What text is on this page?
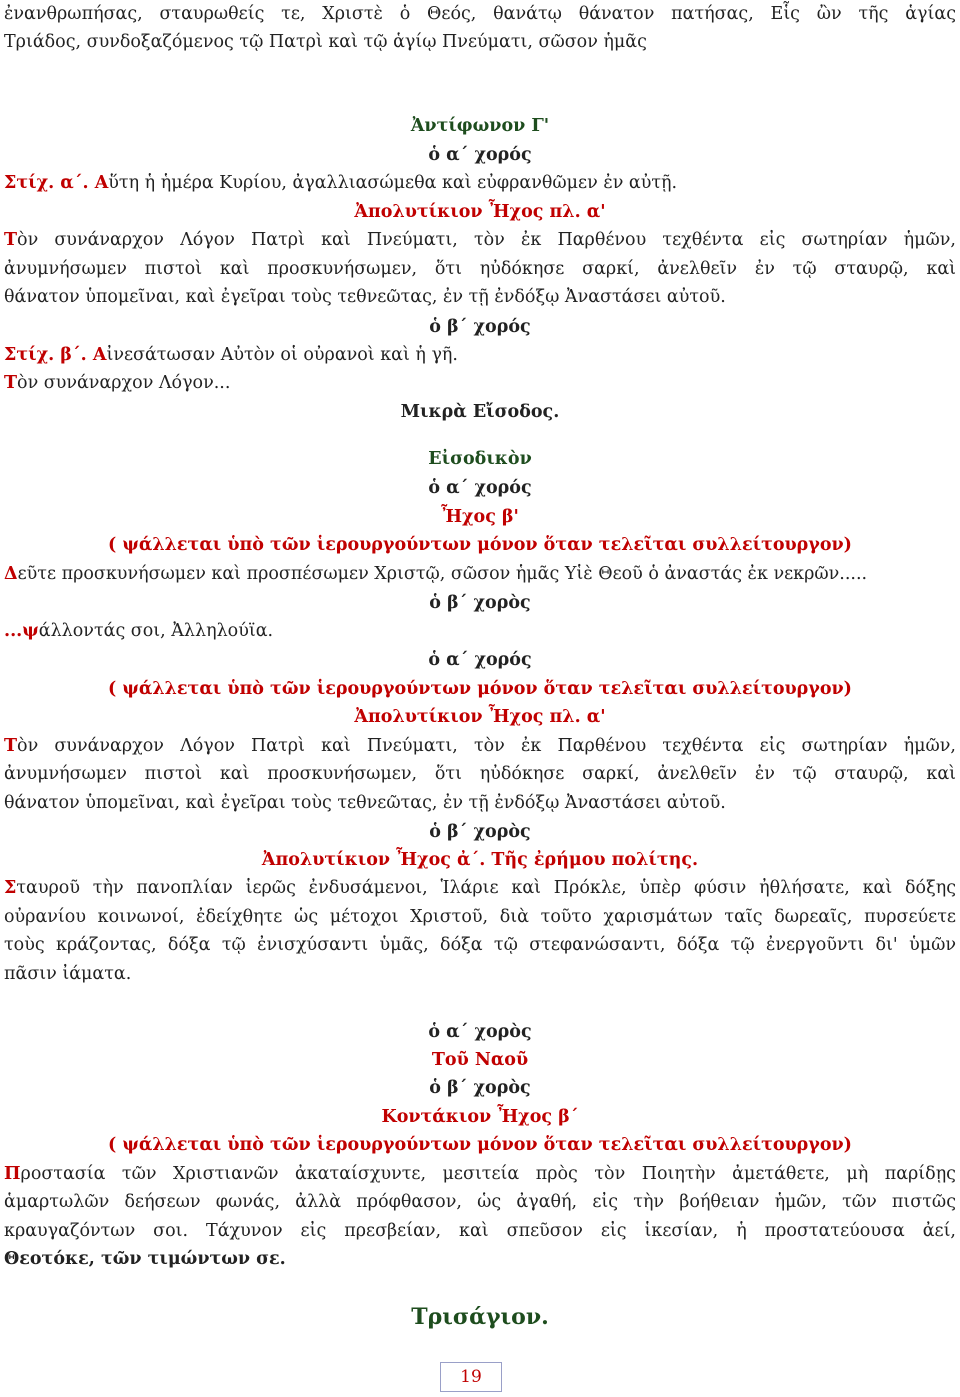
ἐνανθρωπήσας, σταυρωθείς τε, Χριστὲ ὁ Θεός, θανάτῳ θάνατον πατήσας, Εἷς ὢν τῆς ἁγίας
Τριάδος, συνδοξαζόμενος τῷ Πατρὶ καὶ τῷ ἁγίῳ Πνεύματι, σῶσον ἡμᾶς
Ἀντίφωνον Γ'
ὁ α΄ χορός
Στίχ. α΄. Αὕτη ἡ ἡμέρα Κυρίου, ἀγαλλιασώμεθα καὶ εὐφρανθῶμεν ἐν αὐτῇ.
Ἀπολυτίκιον Ἦχος πλ. α'
Τὸν συνάναρχον Λόγον Πατρὶ καὶ Πνεύματι, τὸν ἐκ Παρθένου τεχθέντα εἰς σωτηρίαν ἡμῶν,
ἀνυμνήσωμεν πιστοὶ καὶ προσκυνήσωμεν, ὅτι ηὐδόκησε σαρκί, ἀνελθεῖν ἐν τῷ σταυρῷ, καὶ
θάνατον ὑπομεῖναι, καὶ ἐγεῖραι τοὺς τεθνεῶτας, ἐν τῇ ἐνδόξῳ Ἀναστάσει αὐτοῦ.
ὁ β΄ χορός
Στίχ. β΄. Αἰνεσάτωσαν Αὐτὸν οἱ οὐρανοὶ καὶ ἡ γῆ.
Τὸν συνάναρχον Λόγον...
Μικρὰ Εἴσοδος.
Εἰσοδικὸν
ὁ α΄ χορός
Ἦχος β'
( ψάλλεται ὑπὸ τῶν ἱερουργούντων μόνον ὅταν τελεῖται συλλείτουργον)
Δεῦτε προσκυνήσωμεν καὶ προσπέσωμεν Χριστῷ, σῶσον ἡμᾶς Υἱὲ Θεοῦ ὁ ἀναστάς ἐκ νεκρῶν.....
ὁ β΄ χορὸς
...ψάλλοντάς σοι, Ἀλληλούϊα.
ὁ α΄ χορός
( ψάλλεται ὑπὸ τῶν ἱερουργούντων μόνον ὅταν τελεῖται συλλείτουργον)
Ἀπολυτίκιον Ἦχος πλ. α'
Τὸν συνάναρχον Λόγον Πατρὶ καὶ Πνεύματι, τὸν ἐκ Παρθένου τεχθέντα εἰς σωτηρίαν ἡμῶν,
ἀνυμνήσωμεν πιστοὶ καὶ προσκυνήσωμεν, ὅτι ηὐδόκησε σαρκί, ἀνελθεῖν ἐν τῷ σταυρῷ, καὶ
θάνατον ὑπομεῖναι, καὶ ἐγεῖραι τοὺς τεθνεῶτας, ἐν τῇ ἐνδόξῳ Ἀναστάσει αὐτοῦ.
ὁ β΄ χορὸς
Ἀπολυτίκιον Ἦχος ἀ΄. Τῆς ἐρήμου πολίτης.
Σταυροῦ τὴν πανοπλίαν ἱερῶς ἐνδυσάμενοι, Ἱλάριε καὶ Πρόκλε, ὑπὲρ φύσιν ἠθλήσατε, καὶ δόξης
οὐρανίου κοινωνοί, ἐδείχθητε ὡς μέτοχοι Χριστοῦ, διὰ τοῦτο χαρισμάτων ταῖς δωρεαῖς, πυρσεύετε
τοὺς κράζοντας, δόξα τῷ ἐνισχύσαντι ὑμᾶς, δόξα τῷ στεφανώσαντι, δόξα τῷ ἐνεργοῦντι δι' ὑμῶν
πᾶσιν ἰάματα.
ὁ α΄ χορὸς
Τοῦ Ναοῦ
ὁ β΄ χορὸς
Κοντάκιον Ἦχος β΄
( ψάλλεται ὑπὸ τῶν ἱερουργούντων μόνον ὅταν τελεῖται συλλείτουργον)
Προστασία τῶν Χριστιανῶν ἀκαταίσχυντε, μεσιτεία πρὸς τὸν Ποιητὴν ἀμετάθετε, μὴ παρίδῃς
ἁμαρτωλῶν δεήσεων φωνάς, ἀλλὰ πρόφθασον, ὡς ἀγαθή, εἰς τὴν βοήθειαν ἡμῶν, τῶν πιστῶς
κραυγαζόντων σοι. Τάχυνον εἰς πρεσβείαν, καὶ σπεῦσον εἰς ἱκεσίαν, ἡ προστατεύουσα ἀεί,
Θεοτόκε, τῶν τιμώντων σε.
Τρισάγιον.
19
